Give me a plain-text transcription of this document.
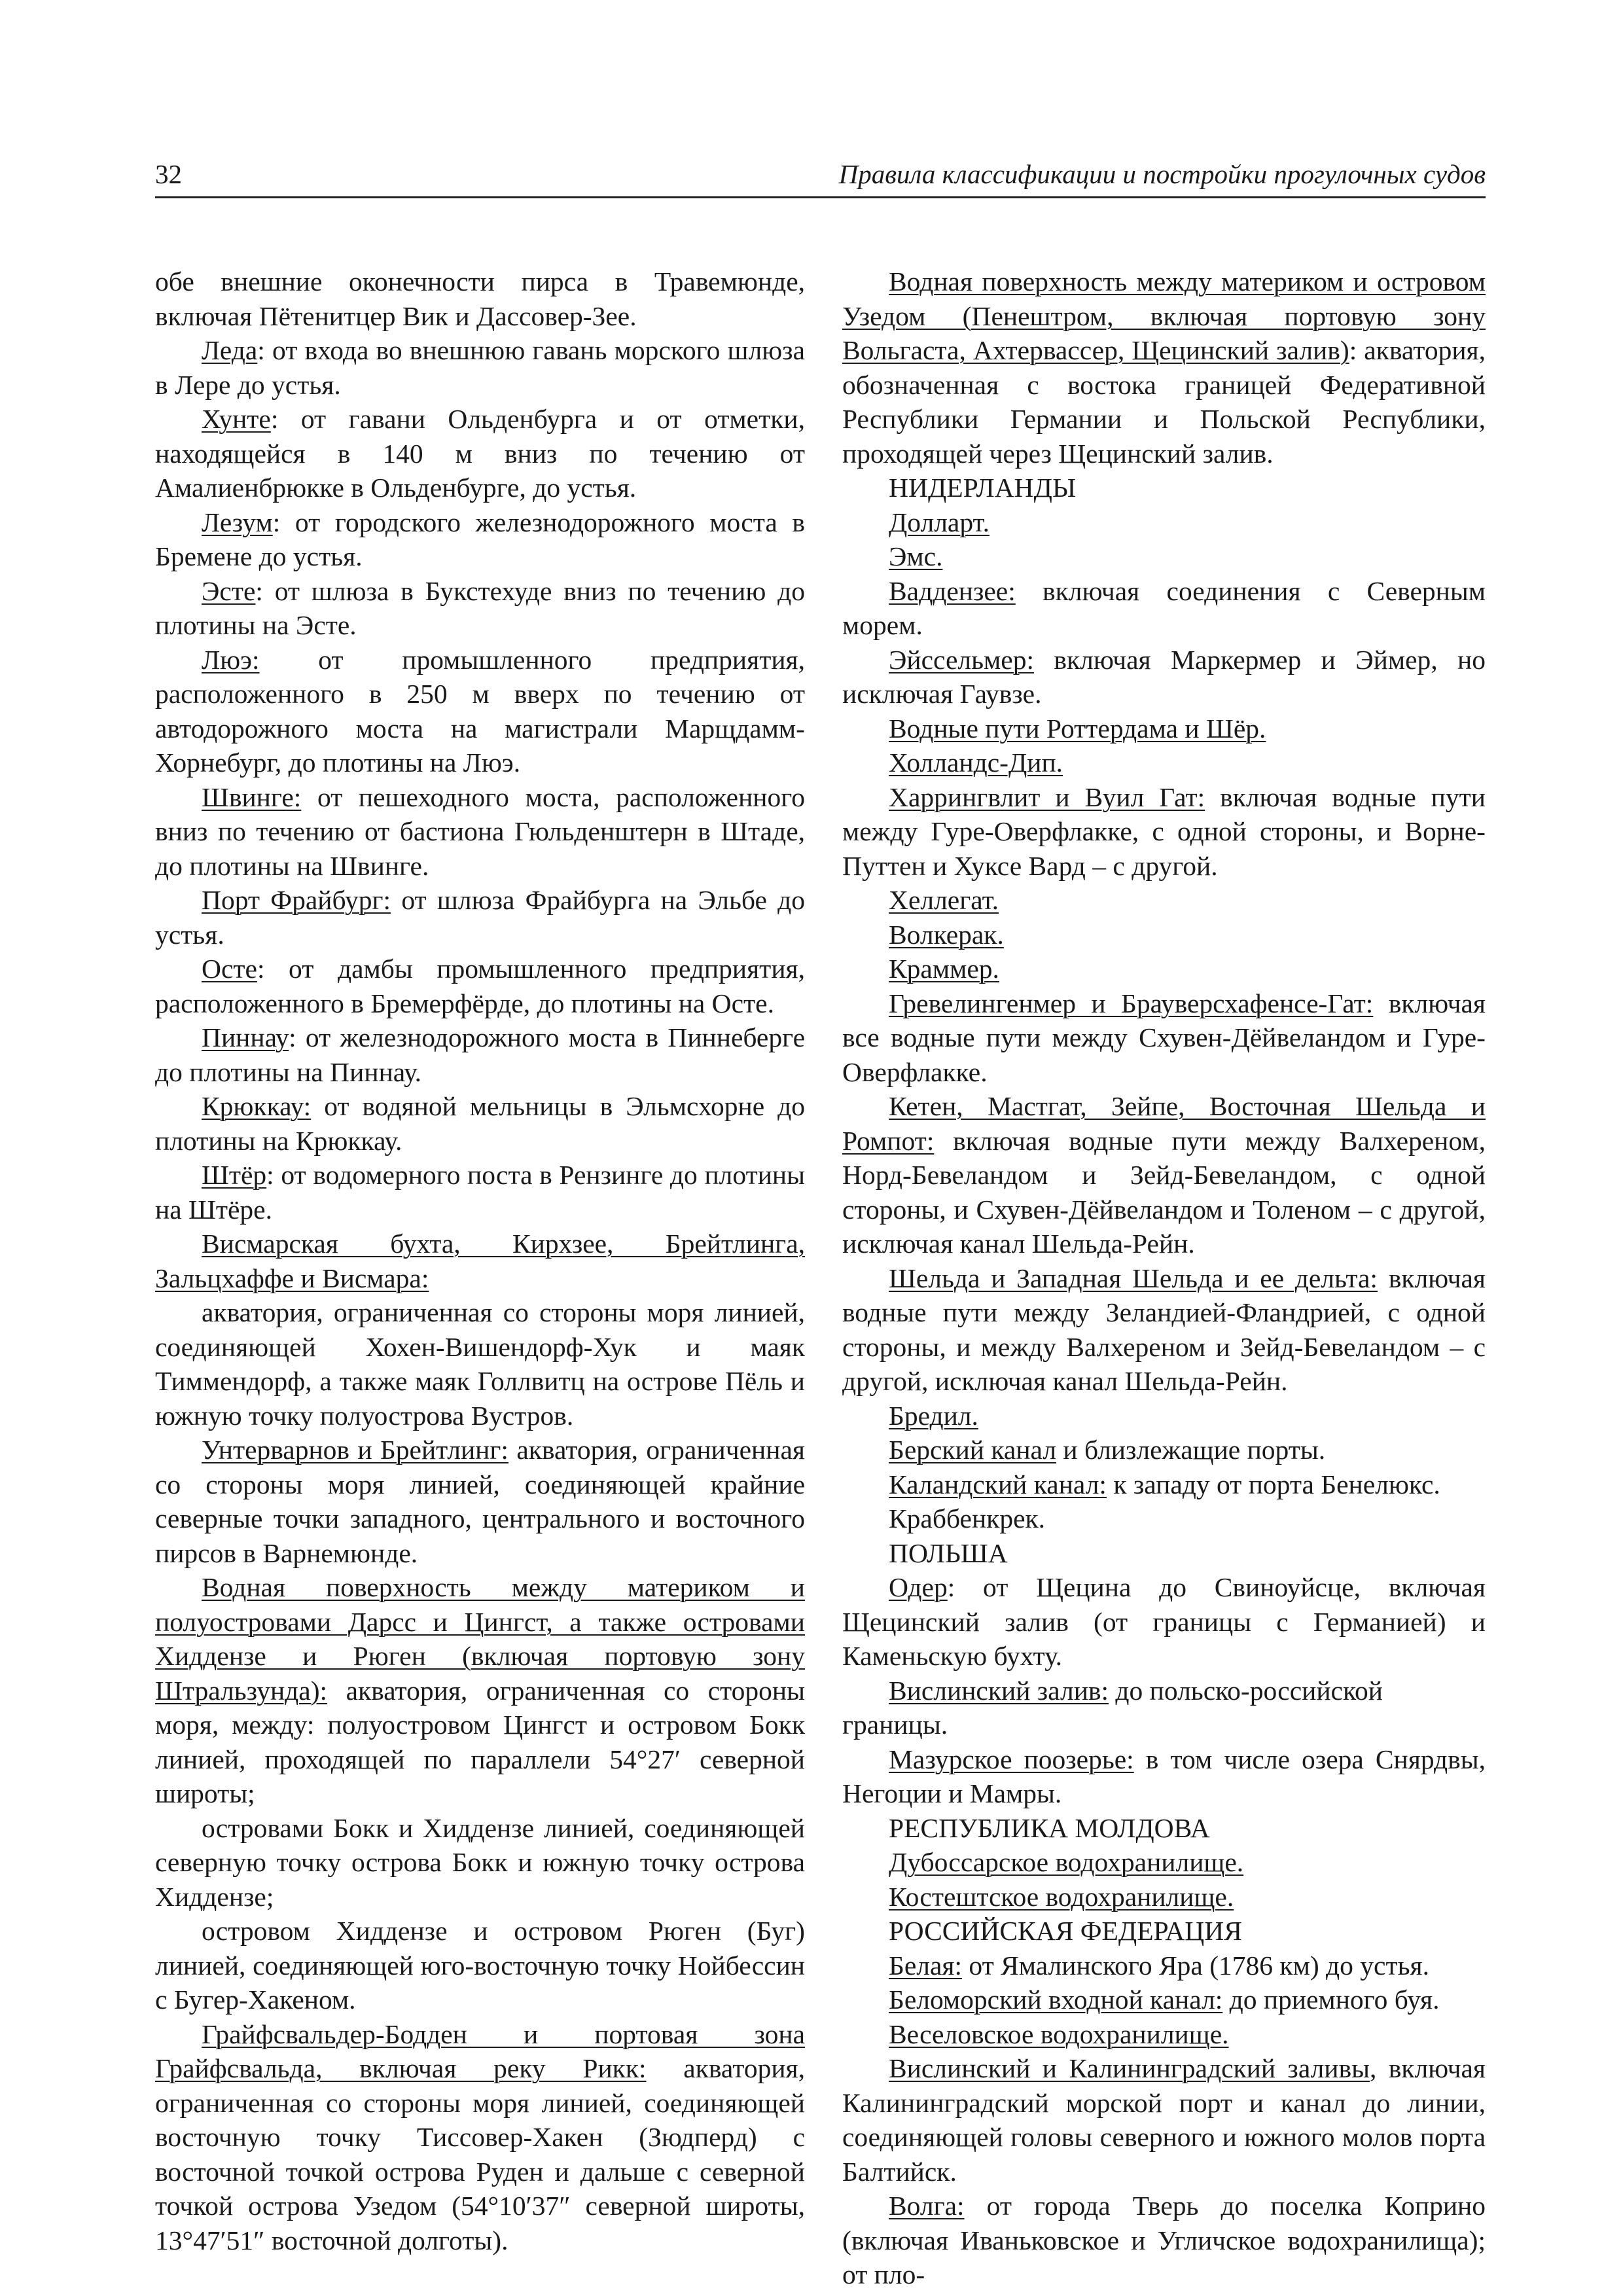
32	Правила классификации и постройки прогулочных судов

обе внешние оконечности пирса в Травемюнде, включая Пётенитцер Вик и Дассовер-Зее.

Леда: от входа во внешнюю гавань морского шлюза в Лере до устья.

Хунте: от гавани Ольденбурга и от отметки, находящейся в 140 м вниз по течению от Амалиенбрюкке в Ольденбурге, до устья.

Лезум: от городского железнодорожного моста в Бремене до устья.

Эсте: от шлюза в Букстехуде вниз по течению до плотины на Эсте.

Люэ: от промышленного предприятия, расположенного в 250 м вверх по течению от автодорожного моста на магистрали Марщдамм-Хорнебург, до плотины на Люэ.

Швинге: от пешеходного моста, расположенного вниз по течению от бастиона Гюльденштерн в Штаде, до плотины на Швинге.

Порт Фрайбург: от шлюза Фрайбурга на Эльбе до устья.

Осте: от дамбы промышленного предприятия, расположенного в Бремерфёрде, до плотины на Осте.

Пиннау: от железнодорожного моста в Пиннеберге до плотины на Пиннау.

Крюккау: от водяной мельницы в Эльмсхорне до плотины на Крюккау.

Штёр: от водомерного поста в Рензинге до плотины на Штёре.

Висмарская бухта, Кирхзее, Брейтлинга, Зальцхаффе и Висмара:

акватория, ограниченная со стороны моря линией, соединяющей Хохен-Вишендорф-Хук и маяк Тиммендорф, а также маяк Голлвитц на острове Пёль и южную точку полуострова Вустров.

Унтерварнов и Брейтлинг: акватория, ограниченная со стороны моря линией, соединяющей крайние северные точки западного, центрального и восточного пирсов в Варнемюнде.

Водная поверхность между материком и полуостровами Дарсс и Цингст, а также островами Хиддензе и Рюген (включая портовую зону Штральзунда): акватория, ограниченная со стороны моря, между: полуостровом Цингст и островом Бокк линией, проходящей по параллели 54°27′ северной широты;

островами Бокк и Хиддензе линией, соединяющей северную точку острова Бокк и южную точку острова Хиддензе;

островом Хиддензе и островом Рюген (Буг) линией, соединяющей юго-восточную точку Нойбессин с Бугер-Хакеном.

Грайфсвальдер-Бодден и портовая зона Грайфсвальда, включая реку Рикк: акватория, ограниченная со стороны моря линией, соединяющей восточную точку Тиссовер-Хакен (Зюдперд) с восточной точкой острова Руден и дальше с северной точкой острова Узедом (54°10′37″ северной широты, 13°47′51″ восточной долготы).

Водная поверхность между материком и островом Узедом (Пенештром, включая портовую зону Вольгаста, Ахтервассер, Щецинский залив): акватория, обозначенная с востока границей Федеративной Республики Германии и Польской Республики, проходящей через Щецинский залив.

НИДЕРЛАНДЫ

Долларт.

Эмс.

Ваддензее: включая соединения с Северным морем.

Эйссельмер: включая Маркермер и Эймер, но исключая Гаувзе.

Водные пути Роттердама и Шёр.

Холландс-Дип.

Харрингвлит и Вуил Гат: включая водные пути между Гуре-Оверфлакке, с одной стороны, и Ворне-Путтен и Хуксе Вард – с другой.

Хеллегат.

Волкерак.

Краммер.

Гревелингенмер и Брауверсхафенсе-Гат: включая все водные пути между Схувен-Дёйвеландом и Гуре-Оверфлакке.

Кетен, Мастгат, Зейпе, Восточная Шельда и Ромпот: включая водные пути между Валхереном, Норд-Бевеландом и Зейд-Бевеландом, с одной стороны, и Схувен-Дёйвеландом и Толеном – с другой, исключая канал Шельда-Рейн.

Шельда и Западная Шельда и ее дельта: включая водные пути между Зеландией-Фландрией, с одной стороны, и между Валхереном и Зейд-Бевеландом – с другой, исключая канал Шельда-Рейн.

Бредил.

Берский канал и близлежащие порты.

Каландский канал: к западу от порта Бенелюкс.

Краббенкрек.

ПОЛЬША

Одер: от Щецина до Свиноуйсце, включая Щецинский залив (от границы с Германией) и Каменьскую бухту.

Вислинский залив: до польско-российской границы.

Мазурское поозерье: в том числе озера Снярдвы, Негоции и Мамры.

РЕСПУБЛИКА МОЛДОВА

Дубоссарское водохранилище.

Костештское водохранилище.

РОССИЙСКАЯ ФЕДЕРАЦИЯ

Белая: от Ямалинского Яра (1786 км) до устья.

Беломорский входной канал: до приемного буя.

Веселовское водохранилище.

Вислинский и Калининградский заливы, включая Калининградский морской порт и канал до линии, соединяющей головы северного и южного молов порта Балтийск.

Волга: от города Тверь до поселка Коприно (включая Иваньковское и Угличское водохранилища); от пло-
